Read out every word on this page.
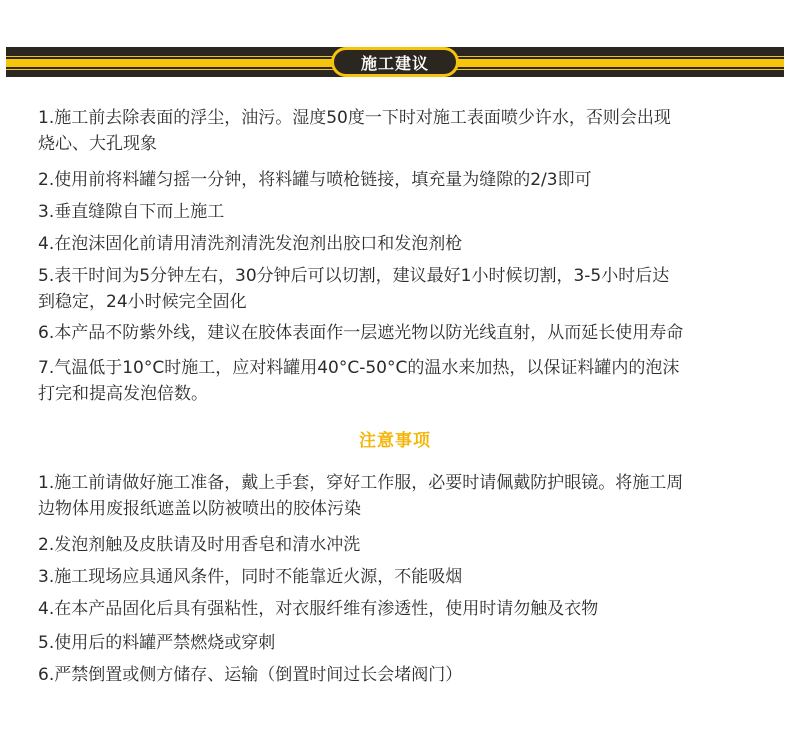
施工建议
1.施工前去除表面的浮尘，油污。湿度50度一下时对施工表面喷少许水，否则会出现
烧心、大孔现象
2.使用前将料罐匀摇一分钟，将料罐与喷枪链接，填充量为缝隙的2/3即可
3.垂直缝隙自下而上施工
4.在泡沫固化前请用清洗剂清洗发泡剂出胶口和发泡剂枪
5.表干时间为5分钟左右，30分钟后可以切割，建议最好1小时候切割，3-5小时后达
到稳定，24小时候完全固化
6.本产品不防紫外线，建议在胶体表面作一层遮光物以防光线直射，从而延长使用寿命
7.气温低于10°C时施工，应对料罐用40°C-50°C的温水来加热，以保证料罐内的泡沫
打完和提高发泡倍数。
注意事项
1.施工前请做好施工准备，戴上手套，穿好工作服，必要时请佩戴防护眼镜。将施工周
边物体用废报纸遮盖以防被喷出的胶体污染
2.发泡剂触及皮肤请及时用香皂和清水冲洗
3.施工现场应具通风条件，同时不能靠近火源，不能吸烟
4.在本产品固化后具有强粘性，对衣服纤维有渗透性，使用时请勿触及衣物
5.使用后的料罐严禁燃烧或穿刺
6.严禁倒置或侧方储存、运输（倒置时间过长会堵阀门）
